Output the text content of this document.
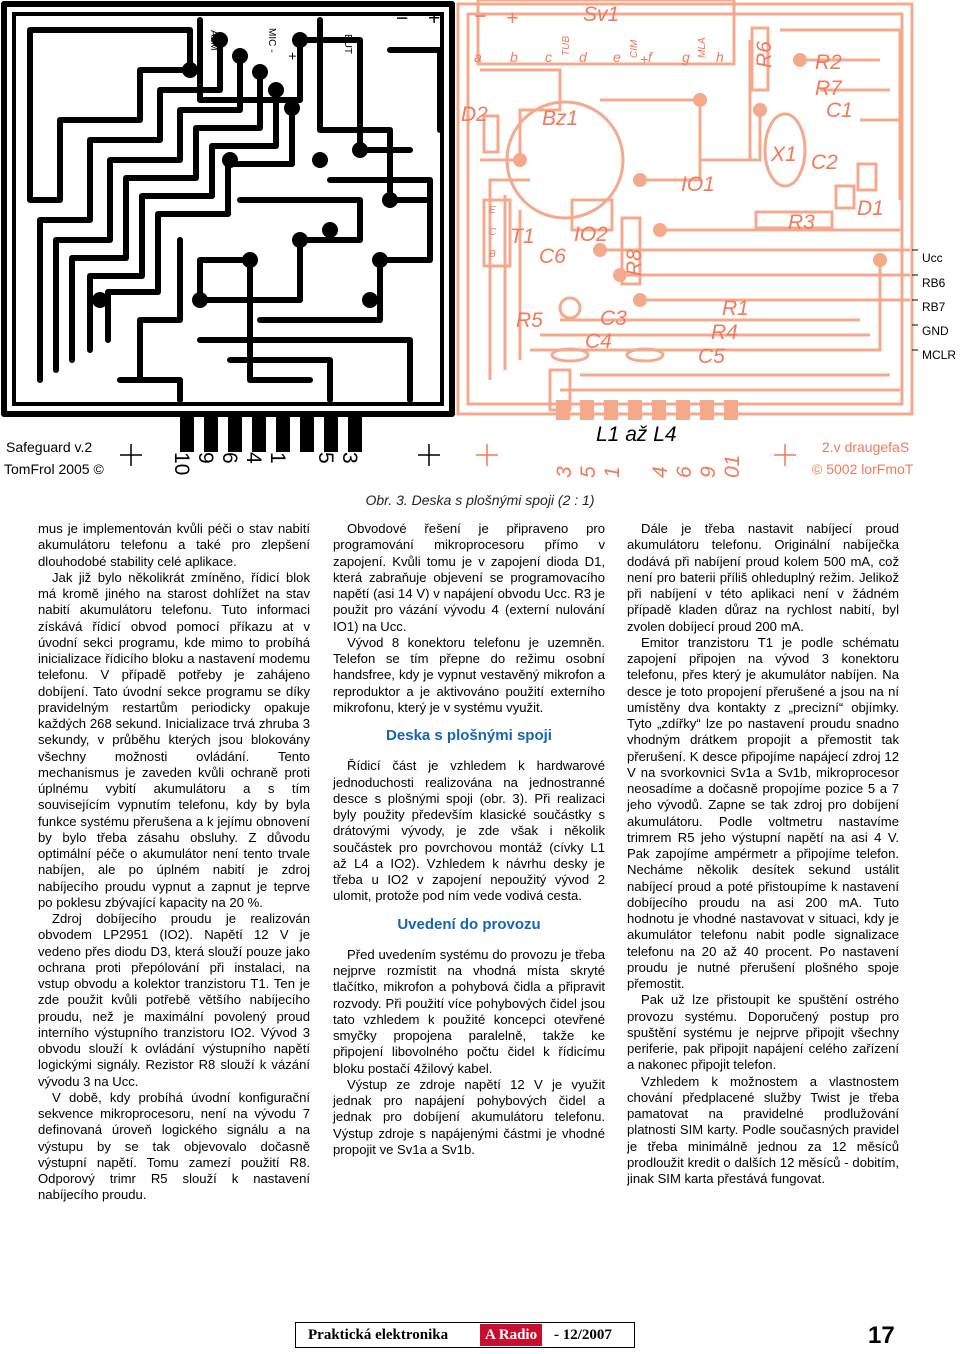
Safeguard v.2
TomFrol 2005 ©	10 9 6 4 1 5 3
ALM	MIC -
+
BUT
− +	Sv1
R6 R2
R7
C1
X1 C2
D1
R3
D2	Bz1
IO1
T1 IO2
C6	R8
R5	C3
C4
R1
R4
C5
L1 až L4
a b c d e f g h
TUB	CIM
+
MLA
− +
E
C
B
3 5 1 4 6 9 01
2.v draugefaS
© 5002 lorFmoT
Ucc
RB6
RB7
GND
MCLR
Obr. 3. Deska s plošnými spoji (2 : 1)

mus je implementován kvůli péči o stav nabití akumulátoru telefonu a také pro zlepšení dlouhodobé stability celé aplikace.

Jak již bylo několikrát zmíněno, řídicí blok má kromě jiného na starost dohlížet na stav nabití akumulátoru telefonu. Tuto informaci získává řídicí obvod pomocí příkazu at v úvodní sekci programu, kde mimo to probíhá inicializace řídicího bloku a nastavení modemu telefonu. V případě potřeby je zahájeno dobíjení. Tato úvodní sekce programu se díky pravidelným restartům periodicky opakuje každých 268 sekund. Inicializace trvá zhruba 3 sekundy, v průběhu kterých jsou blokovány všechny možnosti ovládání. Tento mechanismus je zaveden kvůli ochraně proti úplnému vybití akumulátoru a s tím souvisejícím vypnutím telefonu, kdy by byla funkce systému přerušena a k jejímu obnovení by bylo třeba zásahu obsluhy. Z důvodu optimální péče o akumulátor není tento trvale nabíjen, ale po úplném nabití je zdroj nabíjecího proudu vypnut a zapnut je teprve po poklesu zbývající kapacity na 20 %.

Zdroj dobíjecího proudu je realizován obvodem LP2951 (IO2). Napětí 12 V je vedeno přes diodu D3, která slouží pouze jako ochrana proti přepólování při instalaci, na vstup obvodu a kolektor tranzistoru T1. Ten je zde použit kvůli potřebě většího nabíjecího proudu, než je maximální povolený proud interního výstupního tranzistoru IO2. Vývod 3 obvodu slouží k ovládání výstupního napětí logickými signály. Rezistor R8 slouží k vázání vývodu 3 na Ucc.

V době, kdy probíhá úvodní konfigurační sekvence mikroprocesoru, není na vývodu 7 definovaná úroveň logického signálu a na výstupu by se tak objevovalo dočasně výstupní napětí. Tomu zamezí použití R8. Odporový trimr R5 slouží k nastavení nabíjecího proudu.

Obvodové řešení je připraveno pro programování mikroprocesoru přímo v zapojení. Kvůli tomu je v zapojení dioda D1, která zabraňuje objevení se programovacího napětí (asi 14 V) v napájení obvodu Ucc. R3 je použit pro vázání vývodu 4 (externí nulování IO1) na Ucc.

Vývod 8 konektoru telefonu je uzemněn. Telefon se tím přepne do režimu osobní handsfree, kdy je vypnut vestavěný mikrofon a reproduktor a je aktivováno použití externího mikrofonu, který je v systému využit.

Deska s plošnými spoji

Řídicí část je vzhledem k hardwarové jednoduchosti realizována na jednostranné desce s plošnými spoji (obr. 3). Při realizaci byly použity především klasické součástky s drátovými vývody, je zde však i několik součástek pro povrchovou montáž (cívky L1 až L4 a IO2). Vzhledem k návrhu desky je třeba u IO2 v zapojení nepoužitý vývod 2 ulomit, protože pod ním vede vodivá cesta.

Uvedení do provozu

Před uvedením systému do provozu je třeba nejprve rozmístit na vhodná místa skryté tlačítko, mikrofon a pohybová čidla a připravit rozvody. Při použití více pohybových čidel jsou tato vzhledem k použité koncepci otevřené smyčky propojena paralelně, takže ke připojení libovolného počtu čidel k řídicímu bloku postačí 4žilový kabel.

Výstup ze zdroje napětí 12 V je využit jednak pro napájení pohybových čidel a jednak pro dobíjení akumulátoru telefonu. Výstup zdroje s napájenými částmi je vhodné propojit ve Sv1a a Sv1b.

Dále je třeba nastavit nabíjecí proud akumulátoru telefonu. Originální nabíječka dodává při nabíjení proud kolem 500 mA, což není pro baterii příliš ohleduplný režim. Jelikož při nabíjení v této aplikaci není v žádném případě kladen důraz na rychlost nabití, byl zvolen dobíjecí proud 200 mA.

Emitor tranzistoru T1 je podle schématu zapojení připojen na vývod 3 konektoru telefonu, přes který je akumulátor nabíjen. Na desce je toto propojení přerušené a jsou na ní umístěny dva kontakty z „precizní“ objímky. Tyto „zdířky“ lze po nastavení proudu snadno vhodným drátkem propojit a přemostit tak přerušení. K desce připojíme napájecí zdroj 12 V na svorkovnici Sv1a a Sv1b, mikroprocesor neosadíme a dočasně propojíme pozice 5 a 7 jeho vývodů. Zapne se tak zdroj pro dobíjení akumulátoru. Podle voltmetru nastavíme trimrem R5 jeho výstupní napětí na asi 4 V. Pak zapojíme ampérmetr a připojíme telefon. Necháme několik desítek sekund ustálit nabíjecí proud a poté přistoupíme k nastavení dobíjecího proudu na asi 200 mA. Tuto hodnotu je vhodné nastavovat v situaci, kdy je akumulátor telefonu nabit podle signalizace telefonu na 20 až 40 procent. Po nastavení proudu je nutné přerušení plošného spoje přemostit.

Pak už lze přistoupit ke spuštění ostrého provozu systému. Doporučený postup pro spuštění systému je nejprve připojit všechny periferie, pak připojit napájení celého zařízení a nakonec připojit telefon.

Vzhledem k možnostem a vlastnostem chování předplacené služby Twist je třeba pamatovat na pravidelné prodlužování platnosti SIM karty. Podle současných pravidel je třeba minimálně jednou za 12 měsíců prodloužit kredit o dalších 12 měsíců - dobitím, jinak SIM karta přestává fungovat.

Praktická elektronika	A Radio	- 12/2007	17
